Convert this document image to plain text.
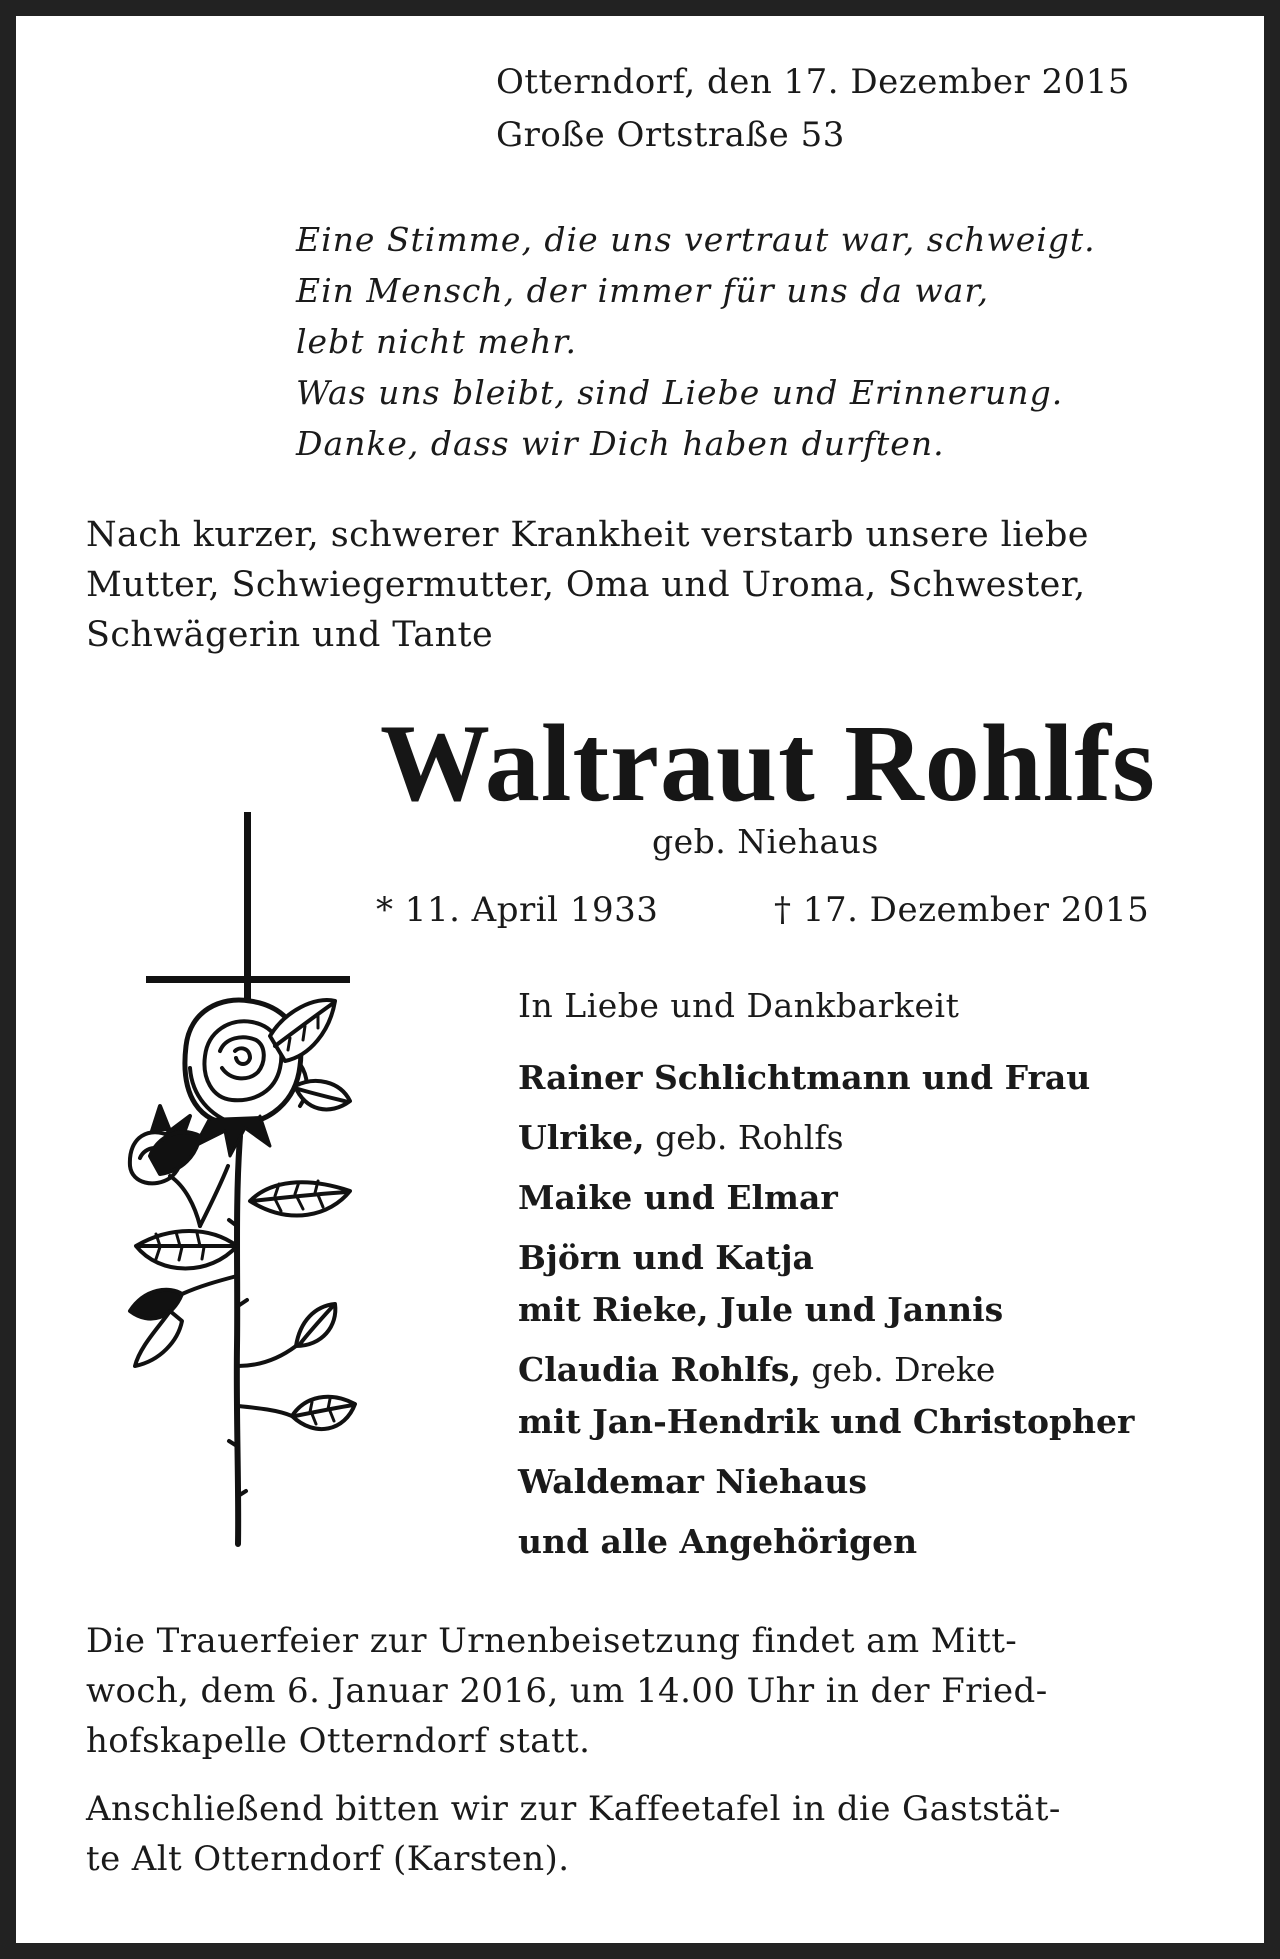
Otterndorf, den 17. Dezember 2015
Große Ortstraße 53
Eine Stimme, die uns vertraut war, schweigt.
Ein Mensch, der immer für uns da war,
lebt nicht mehr.
Was uns bleibt, sind Liebe und Erinnerung.
Danke, dass wir Dich haben durften.
Nach kurzer, schwerer Krankheit verstarb unsere liebe
Mutter, Schwiegermutter, Oma und Uroma, Schwester,
Schwägerin und Tante
Waltraut Rohlfs
geb. Niehaus
* 11. April 1933	† 17. Dezember 2015
In Liebe und Dankbarkeit
Rainer Schlichtmann und Frau
Ulrike, geb. Rohlfs
Maike und Elmar
Björn und Katja
mit Rieke, Jule und Jannis
Claudia Rohlfs, geb. Dreke
mit Jan-Hendrik und Christopher
Waldemar Niehaus
und alle Angehörigen
Die Trauerfeier zur Urnenbeisetzung findet am Mitt-
woch, dem 6. Januar 2016, um 14.00 Uhr in der Fried-
hofskapelle Otterndorf statt.
Anschließend bitten wir zur Kaffeetafel in die Gaststät-
te Alt Otterndorf (Karsten).
